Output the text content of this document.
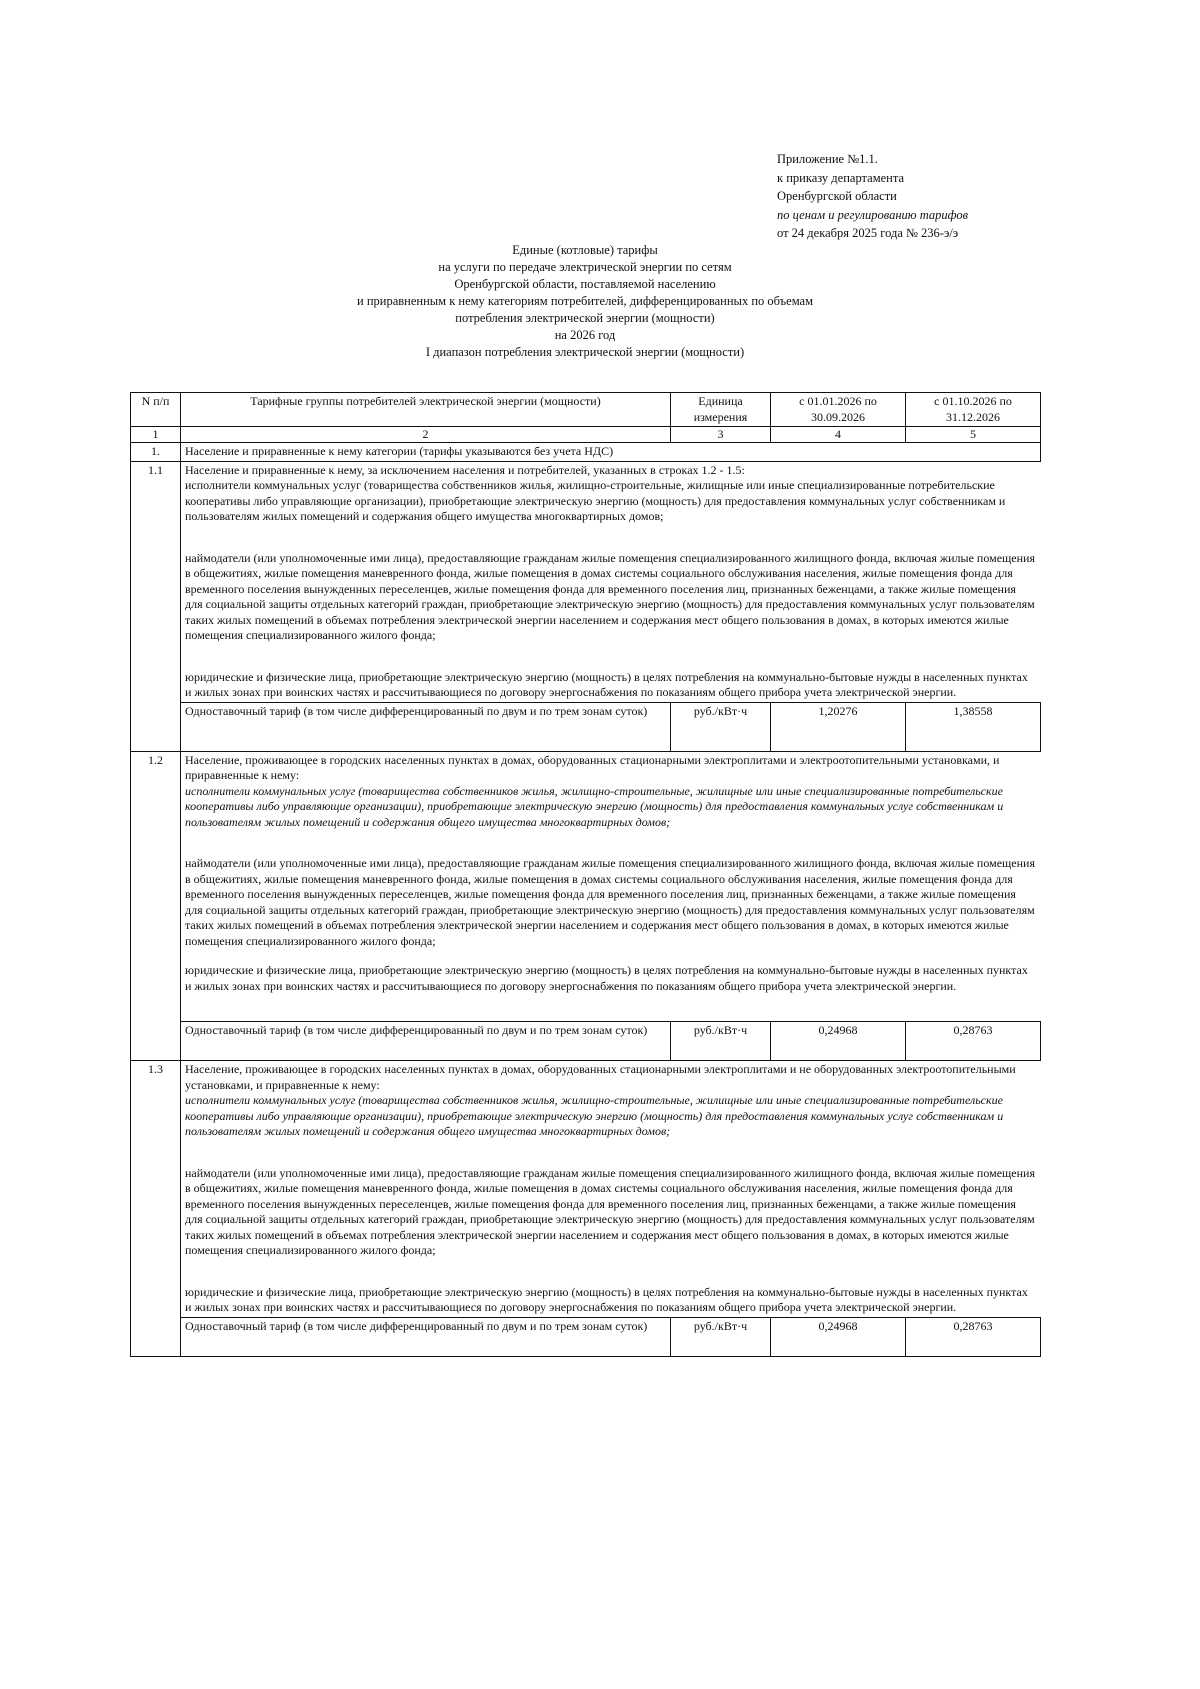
Приложение №1.1.
к приказу департамента
Оренбургской области
по ценам и регулированию тарифов
от 24 декабря 2025 года № 236-э/э
Единые (котловые) тарифы
на услуги по передаче электрической энергии по сетям
Оренбургской области, поставляемой населению
и приравненным к нему категориям потребителей, дифференцированных по объемам
потребления электрической энергии (мощности)
на 2026 год
I диапазон потребления электрической энергии (мощности)
N п/п	Тарифные группы потребителей электрической энергии (мощности)	Единица измерения	с 01.01.2026 по 30.09.2026	с 01.10.2026 по 31.12.2026
1	2	3	4	5
1.	Население и приравненные к нему категории (тарифы указываются без учета НДС)			
1.1	Население и приравненные к нему, за исключением населения и потребителей, указанных в строках 1.2 - 1.5:

исполнители коммунальных услуг (товарищества собственников жилья, жилищно-строительные, жилищные или иные специализированные потребительские кооперативы либо управляющие организации), приобретающие электрическую энергию (мощность) для предоставления коммунальных услуг собственникам и пользователям жилых помещений и содержания общего имущества многоквартирных домов;

наймодатели (или уполномоченные ими лица), предоставляющие гражданам жилые помещения специализированного жилищного фонда, включая жилые помещения в общежитиях, жилые помещения маневренного фонда, жилые помещения в домах системы социального обслуживания населения, жилые помещения фонда для временного поселения вынужденных переселенцев, жилые помещения фонда для временного поселения лиц, признанных беженцами, а также жилые помещения для социальной защиты отдельных категорий граждан, приобретающие электрическую энергию (мощность) для предоставления коммунальных услуг пользователям таких жилых помещений в объемах потребления электрической энергии населением и содержания мест общего пользования в домах, в которых имеются жилые помещения специализированного жилого фонда;

юридические и физические лица, приобретающие электрическую энергию (мощность) в целях потребления на коммунально-бытовые нужды в населенных пунктах и жилых зонах при воинских частях и рассчитывающиеся по договору энергоснабжения по показаниям общего прибора учета электрической энергии.			

	Одноставочный тариф (в том числе дифференцированный по двум и по трем зонам суток)	руб./кВт·ч	1,20276	1,38558
1.2	Население, проживающее в городских населенных пунктах в домах, оборудованных стационарными электроплитами и электроотопительными установками, и приравненные к нему:

исполнители коммунальных услуг (товарищества собственников жилья, жилищно-строительные, жилищные или иные специализированные потребительские кооперативы либо управляющие организации), приобретающие электрическую энергию (мощность) для предоставления коммунальных услуг собственникам и пользователям жилых помещений и содержания общего имущества многоквартирных домов;

наймодатели (или уполномоченные ими лица), предоставляющие гражданам жилые помещения специализированного жилищного фонда, включая жилые помещения в общежитиях, жилые помещения маневренного фонда, жилые помещения в домах системы социального обслуживания населения, жилые помещения фонда для временного поселения вынужденных переселенцев, жилые помещения фонда для временного поселения лиц, признанных беженцами, а также жилые помещения для социальной защиты отдельных категорий граждан, приобретающие электрическую энергию (мощность) для предоставления коммунальных услуг пользователям таких жилых помещений в объемах потребления электрической энергии населением и содержания мест общего пользования в домах, в которых имеются жилые помещения специализированного жилого фонда;

юридические и физические лица, приобретающие электрическую энергию (мощность) в целях потребления на коммунально-бытовые нужды в населенных пунктах и жилых зонах при воинских частях и рассчитывающиеся по договору энергоснабжения по показаниям общего прибора учета электрической энергии.			

	Одноставочный тариф (в том числе дифференцированный по двум и по трем зонам суток)	руб./кВт·ч	0,24968	0,28763
1.3	Население, проживающее в городских населенных пунктах в домах, оборудованных стационарными электроплитами и не оборудованных электроотопительными установками, и приравненные к нему:

исполнители коммунальных услуг (товарищества собственников жилья, жилищно-строительные, жилищные или иные специализированные потребительские кооперативы либо управляющие организации), приобретающие электрическую энергию (мощность) для предоставления коммунальных услуг собственникам и пользователям жилых помещений и содержания общего имущества многоквартирных домов;

наймодатели (или уполномоченные ими лица), предоставляющие гражданам жилые помещения специализированного жилищного фонда, включая жилые помещения в общежитиях, жилые помещения маневренного фонда, жилые помещения в домах системы социального обслуживания населения, жилые помещения фонда для временного поселения вынужденных переселенцев, жилые помещения фонда для временного поселения лиц, признанных беженцами, а также жилые помещения для социальной защиты отдельных категорий граждан, приобретающие электрическую энергию (мощность) для предоставления коммунальных услуг пользователям таких жилых помещений в объемах потребления электрической энергии населением и содержания мест общего пользования в домах, в которых имеются жилые помещения специализированного жилого фонда;

юридические и физические лица, приобретающие электрическую энергию (мощность) в целях потребления на коммунально-бытовые нужды в населенных пунктах и жилых зонах при воинских частях и рассчитывающиеся по договору энергоснабжения по показаниям общего прибора учета электрической энергии.			

	Одноставочный тариф (в том числе дифференцированный по двум и по трем зонам суток)	руб./кВт·ч	0,24968	0,28763
